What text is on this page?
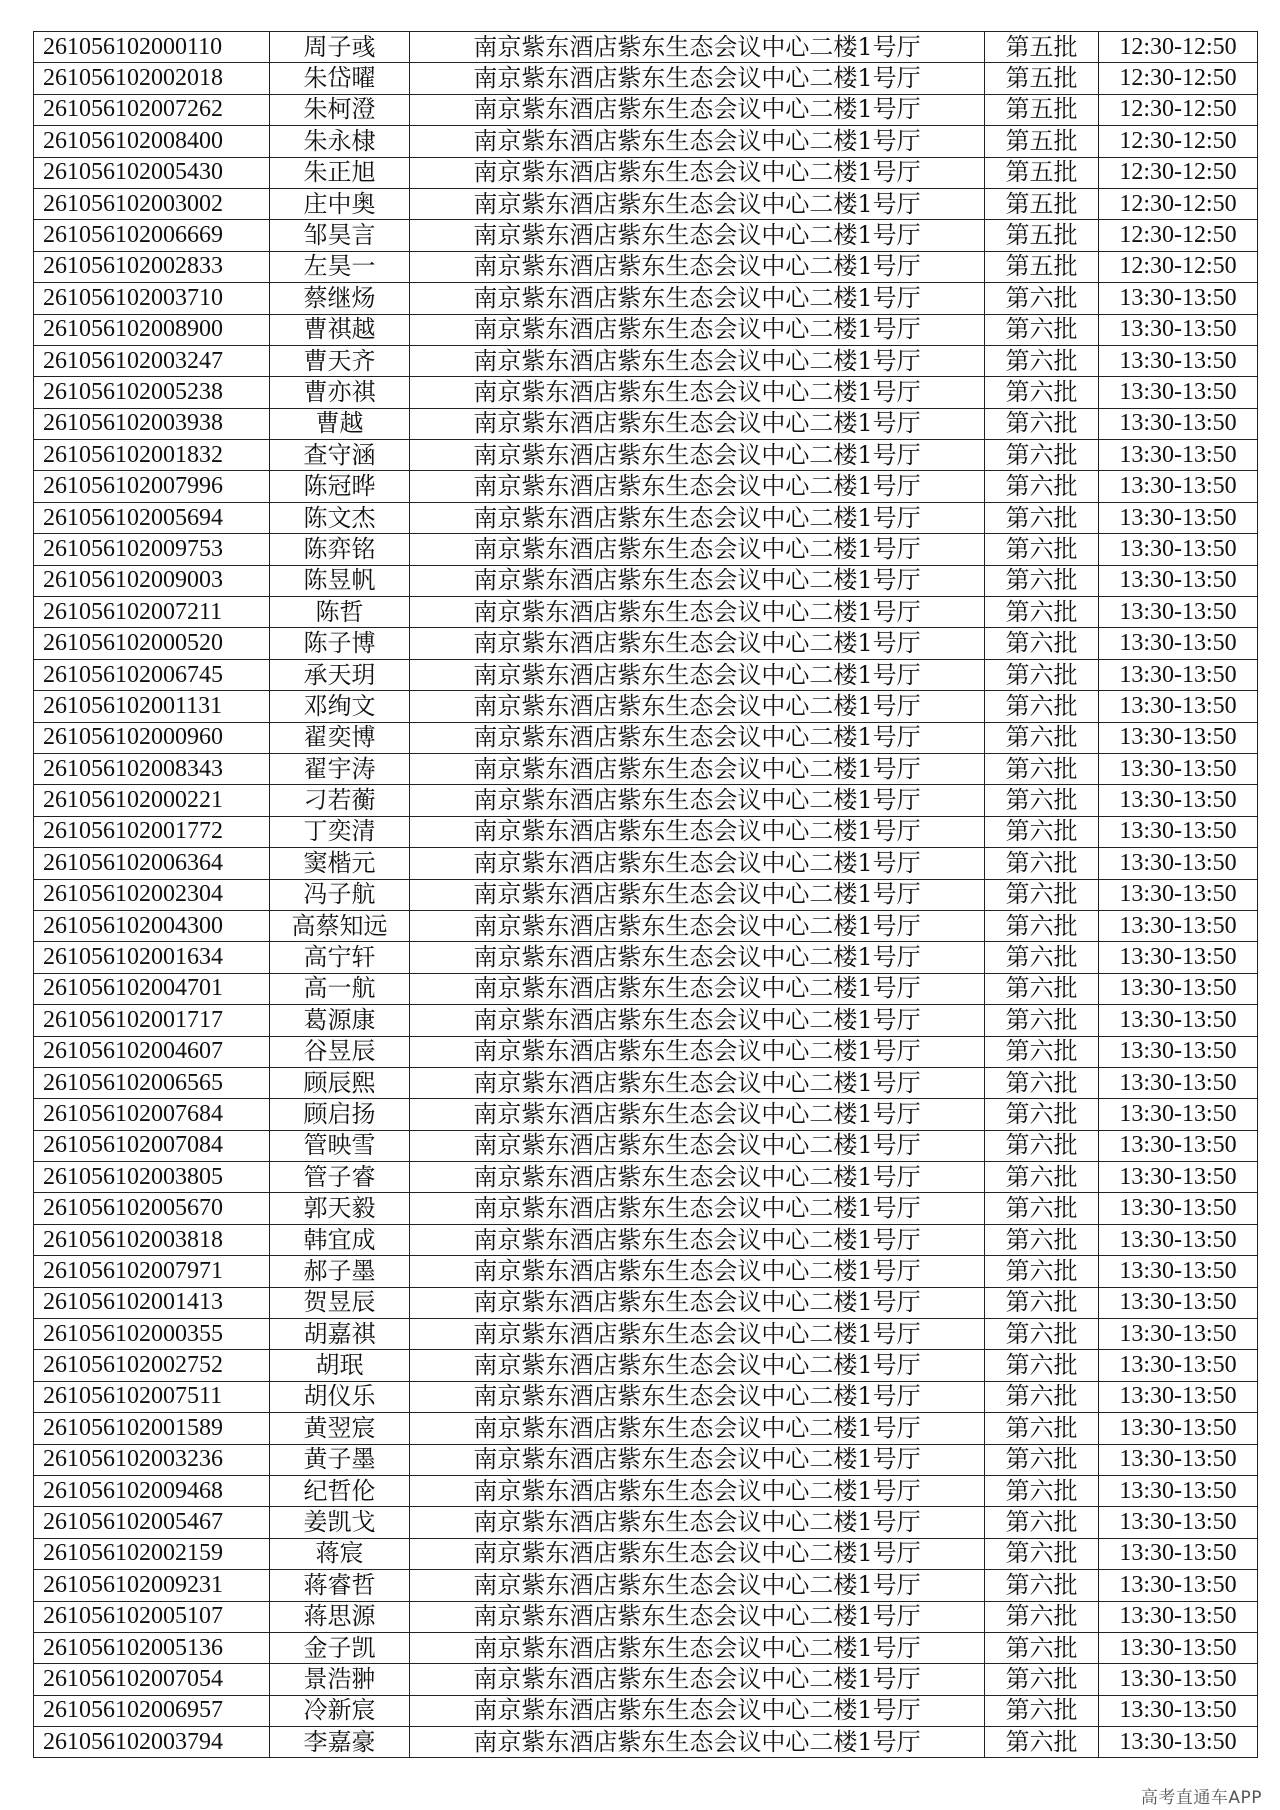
261056102000110	周子彧	南京紫东酒店紫东生态会议中心二楼1号厅	第五批	12:30-12:50
261056102002018	朱岱曜	南京紫东酒店紫东生态会议中心二楼1号厅	第五批	12:30-12:50
261056102007262	朱柯澄	南京紫东酒店紫东生态会议中心二楼1号厅	第五批	12:30-12:50
261056102008400	朱永棣	南京紫东酒店紫东生态会议中心二楼1号厅	第五批	12:30-12:50
261056102005430	朱正旭	南京紫东酒店紫东生态会议中心二楼1号厅	第五批	12:30-12:50
261056102003002	庄中奥	南京紫东酒店紫东生态会议中心二楼1号厅	第五批	12:30-12:50
261056102006669	邹昊言	南京紫东酒店紫东生态会议中心二楼1号厅	第五批	12:30-12:50
261056102002833	左昊一	南京紫东酒店紫东生态会议中心二楼1号厅	第五批	12:30-12:50
261056102003710	蔡继炀	南京紫东酒店紫东生态会议中心二楼1号厅	第六批	13:30-13:50
261056102008900	曹祺越	南京紫东酒店紫东生态会议中心二楼1号厅	第六批	13:30-13:50
261056102003247	曹天齐	南京紫东酒店紫东生态会议中心二楼1号厅	第六批	13:30-13:50
261056102005238	曹亦祺	南京紫东酒店紫东生态会议中心二楼1号厅	第六批	13:30-13:50
261056102003938	曹越	南京紫东酒店紫东生态会议中心二楼1号厅	第六批	13:30-13:50
261056102001832	查守涵	南京紫东酒店紫东生态会议中心二楼1号厅	第六批	13:30-13:50
261056102007996	陈冠晔	南京紫东酒店紫东生态会议中心二楼1号厅	第六批	13:30-13:50
261056102005694	陈文杰	南京紫东酒店紫东生态会议中心二楼1号厅	第六批	13:30-13:50
261056102009753	陈弈铭	南京紫东酒店紫东生态会议中心二楼1号厅	第六批	13:30-13:50
261056102009003	陈昱帆	南京紫东酒店紫东生态会议中心二楼1号厅	第六批	13:30-13:50
261056102007211	陈哲	南京紫东酒店紫东生态会议中心二楼1号厅	第六批	13:30-13:50
261056102000520	陈子博	南京紫东酒店紫东生态会议中心二楼1号厅	第六批	13:30-13:50
261056102006745	承天玥	南京紫东酒店紫东生态会议中心二楼1号厅	第六批	13:30-13:50
261056102001131	邓绚文	南京紫东酒店紫东生态会议中心二楼1号厅	第六批	13:30-13:50
261056102000960	翟奕博	南京紫东酒店紫东生态会议中心二楼1号厅	第六批	13:30-13:50
261056102008343	翟宇涛	南京紫东酒店紫东生态会议中心二楼1号厅	第六批	13:30-13:50
261056102000221	刁若蘅	南京紫东酒店紫东生态会议中心二楼1号厅	第六批	13:30-13:50
261056102001772	丁奕清	南京紫东酒店紫东生态会议中心二楼1号厅	第六批	13:30-13:50
261056102006364	窦楷元	南京紫东酒店紫东生态会议中心二楼1号厅	第六批	13:30-13:50
261056102002304	冯子航	南京紫东酒店紫东生态会议中心二楼1号厅	第六批	13:30-13:50
261056102004300	高蔡知远	南京紫东酒店紫东生态会议中心二楼1号厅	第六批	13:30-13:50
261056102001634	高宁轩	南京紫东酒店紫东生态会议中心二楼1号厅	第六批	13:30-13:50
261056102004701	高一航	南京紫东酒店紫东生态会议中心二楼1号厅	第六批	13:30-13:50
261056102001717	葛源康	南京紫东酒店紫东生态会议中心二楼1号厅	第六批	13:30-13:50
261056102004607	谷昱辰	南京紫东酒店紫东生态会议中心二楼1号厅	第六批	13:30-13:50
261056102006565	顾辰熙	南京紫东酒店紫东生态会议中心二楼1号厅	第六批	13:30-13:50
261056102007684	顾启扬	南京紫东酒店紫东生态会议中心二楼1号厅	第六批	13:30-13:50
261056102007084	管映雪	南京紫东酒店紫东生态会议中心二楼1号厅	第六批	13:30-13:50
261056102003805	管子睿	南京紫东酒店紫东生态会议中心二楼1号厅	第六批	13:30-13:50
261056102005670	郭天毅	南京紫东酒店紫东生态会议中心二楼1号厅	第六批	13:30-13:50
261056102003818	韩宜成	南京紫东酒店紫东生态会议中心二楼1号厅	第六批	13:30-13:50
261056102007971	郝子墨	南京紫东酒店紫东生态会议中心二楼1号厅	第六批	13:30-13:50
261056102001413	贺昱辰	南京紫东酒店紫东生态会议中心二楼1号厅	第六批	13:30-13:50
261056102000355	胡嘉祺	南京紫东酒店紫东生态会议中心二楼1号厅	第六批	13:30-13:50
261056102002752	胡珉	南京紫东酒店紫东生态会议中心二楼1号厅	第六批	13:30-13:50
261056102007511	胡仪乐	南京紫东酒店紫东生态会议中心二楼1号厅	第六批	13:30-13:50
261056102001589	黄翌宸	南京紫东酒店紫东生态会议中心二楼1号厅	第六批	13:30-13:50
261056102003236	黄子墨	南京紫东酒店紫东生态会议中心二楼1号厅	第六批	13:30-13:50
261056102009468	纪哲伦	南京紫东酒店紫东生态会议中心二楼1号厅	第六批	13:30-13:50
261056102005467	姜凯戈	南京紫东酒店紫东生态会议中心二楼1号厅	第六批	13:30-13:50
261056102002159	蒋宸	南京紫东酒店紫东生态会议中心二楼1号厅	第六批	13:30-13:50
261056102009231	蒋睿哲	南京紫东酒店紫东生态会议中心二楼1号厅	第六批	13:30-13:50
261056102005107	蒋思源	南京紫东酒店紫东生态会议中心二楼1号厅	第六批	13:30-13:50
261056102005136	金子凯	南京紫东酒店紫东生态会议中心二楼1号厅	第六批	13:30-13:50
261056102007054	景浩翀	南京紫东酒店紫东生态会议中心二楼1号厅	第六批	13:30-13:50
261056102006957	冷新宸	南京紫东酒店紫东生态会议中心二楼1号厅	第六批	13:30-13:50
261056102003794	李嘉豪	南京紫东酒店紫东生态会议中心二楼1号厅	第六批	13:30-13:50
高考直通车APP
